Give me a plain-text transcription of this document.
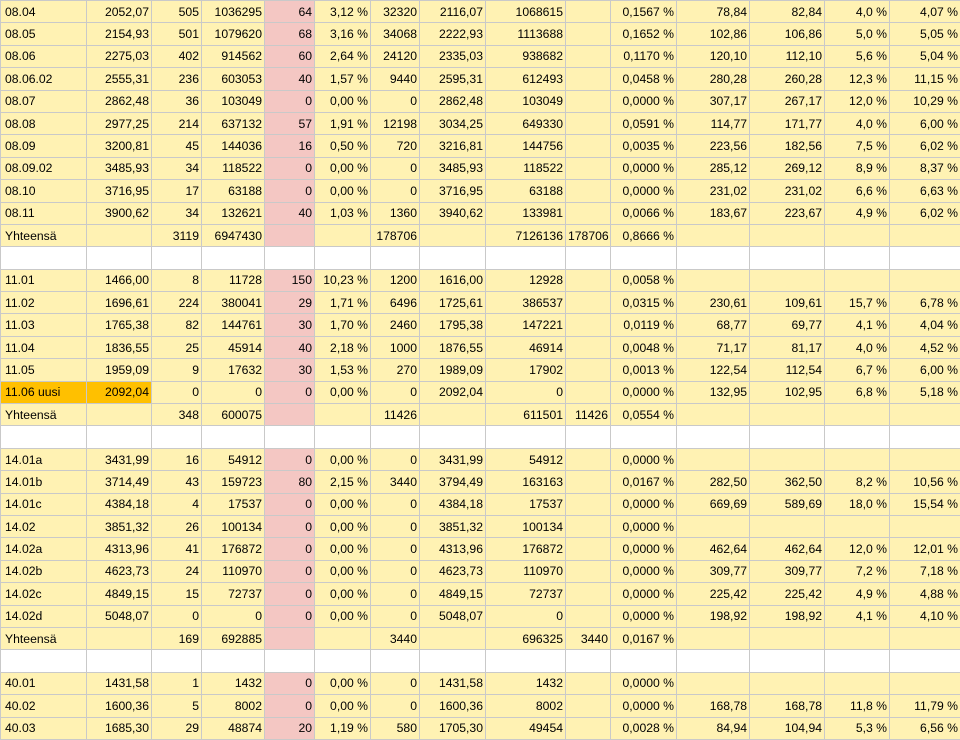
08.04	2052,07	505	1036295	64	3,12 %	32320	2116,07	1068615		0,1567 %	78,84	82,84	4,0 %	4,07 %
08.05	2154,93	501	1079620	68	3,16 %	34068	2222,93	1113688		0,1652 %	102,86	106,86	5,0 %	5,05 %
08.06	2275,03	402	914562	60	2,64 %	24120	2335,03	938682		0,1170 %	120,10	112,10	5,6 %	5,04 %
08.06.02	2555,31	236	603053	40	1,57 %	9440	2595,31	612493		0,0458 %	280,28	260,28	12,3 %	11,15 %
08.07	2862,48	36	103049	0	0,00 %	0	2862,48	103049		0,0000 %	307,17	267,17	12,0 %	10,29 %
08.08	2977,25	214	637132	57	1,91 %	12198	3034,25	649330		0,0591 %	114,77	171,77	4,0 %	6,00 %
08.09	3200,81	45	144036	16	0,50 %	720	3216,81	144756		0,0035 %	223,56	182,56	7,5 %	6,02 %
08.09.02	3485,93	34	118522	0	0,00 %	0	3485,93	118522		0,0000 %	285,12	269,12	8,9 %	8,37 %
08.10	3716,95	17	63188	0	0,00 %	0	3716,95	63188		0,0000 %	231,02	231,02	6,6 %	6,63 %
08.11	3900,62	34	132621	40	1,03 %	1360	3940,62	133981		0,0066 %	183,67	223,67	4,9 %	6,02 %
Yhteensä		3119	6947430			178706		7126136	178706	0,8666 %				

11.01	1466,00	8	11728	150	10,23 %	1200	1616,00	12928		0,0058 %				
11.02	1696,61	224	380041	29	1,71 %	6496	1725,61	386537		0,0315 %	230,61	109,61	15,7 %	6,78 %
11.03	1765,38	82	144761	30	1,70 %	2460	1795,38	147221		0,0119 %	68,77	69,77	4,1 %	4,04 %
11.04	1836,55	25	45914	40	2,18 %	1000	1876,55	46914		0,0048 %	71,17	81,17	4,0 %	4,52 %
11.05	1959,09	9	17632	30	1,53 %	270	1989,09	17902		0,0013 %	122,54	112,54	6,7 %	6,00 %
11.06 uusi	2092,04	0	0	0	0,00 %	0	2092,04	0		0,0000 %	132,95	102,95	6,8 %	5,18 %
Yhteensä		348	600075			11426		611501	11426	0,0554 %				

14.01a	3431,99	16	54912	0	0,00 %	0	3431,99	54912		0,0000 %				
14.01b	3714,49	43	159723	80	2,15 %	3440	3794,49	163163		0,0167 %	282,50	362,50	8,2 %	10,56 %
14.01c	4384,18	4	17537	0	0,00 %	0	4384,18	17537		0,0000 %	669,69	589,69	18,0 %	15,54 %
14.02	3851,32	26	100134	0	0,00 %	0	3851,32	100134		0,0000 %				
14.02a	4313,96	41	176872	0	0,00 %	0	4313,96	176872		0,0000 %	462,64	462,64	12,0 %	12,01 %
14.02b	4623,73	24	110970	0	0,00 %	0	4623,73	110970		0,0000 %	309,77	309,77	7,2 %	7,18 %
14.02c	4849,15	15	72737	0	0,00 %	0	4849,15	72737		0,0000 %	225,42	225,42	4,9 %	4,88 %
14.02d	5048,07	0	0	0	0,00 %	0	5048,07	0		0,0000 %	198,92	198,92	4,1 %	4,10 %
Yhteensä		169	692885			3440		696325	3440	0,0167 %				

40.01	1431,58	1	1432	0	0,00 %	0	1431,58	1432		0,0000 %				
40.02	1600,36	5	8002	0	0,00 %	0	1600,36	8002		0,0000 %	168,78	168,78	11,8 %	11,79 %
40.03	1685,30	29	48874	20	1,19 %	580	1705,30	49454		0,0028 %	84,94	104,94	5,3 %	6,56 %
